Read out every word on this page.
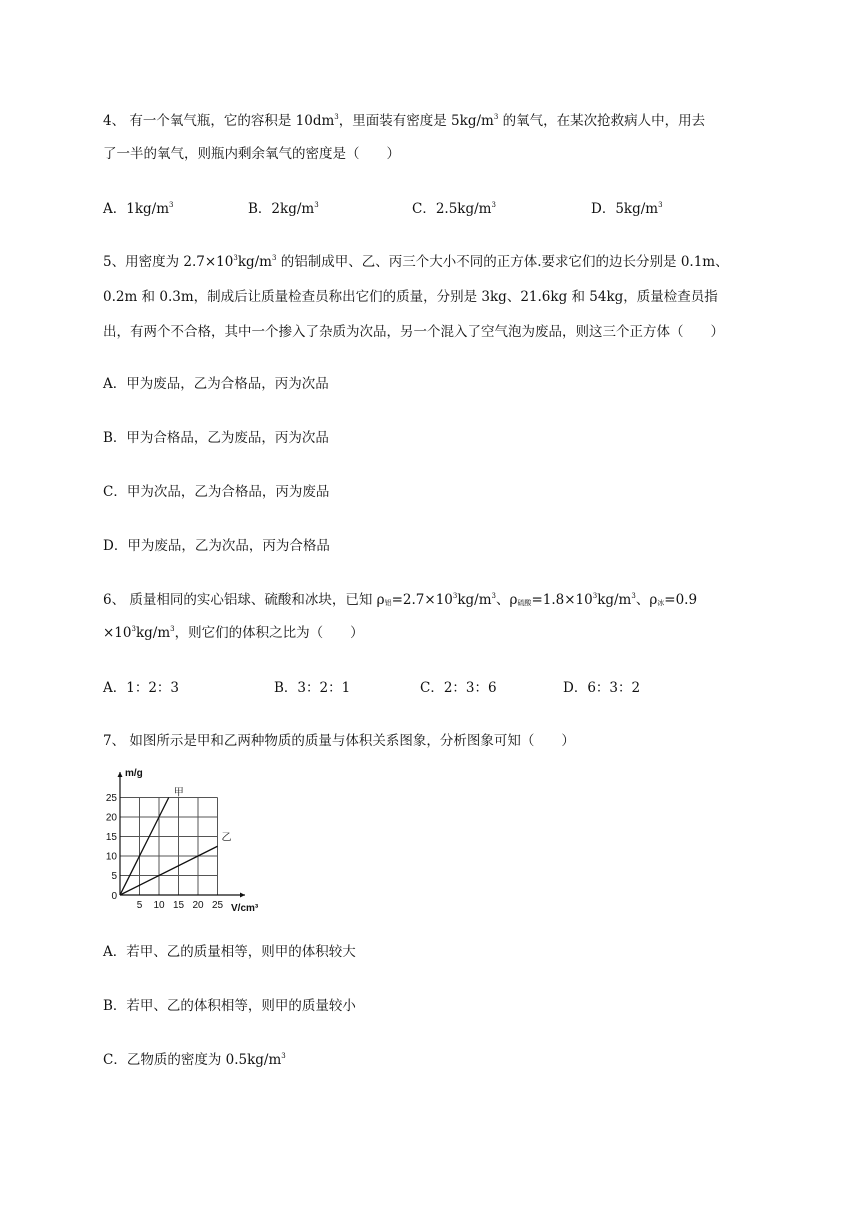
4、 有一个氧气瓶，它的容积是 $10dm^3$，里面装有密度是 $5kg/m^3$ 的氧气，在某次抢救病人中，用去
了一半的氧气，则瓶内剩余氧气的密度是（　　）
A．$1kg/m^3$	B．$2kg/m^3$	C．$2.5kg/m^3$	D．$5kg/m^3$
5、用密度为 $2.7\times 10^3kg/m^3$ 的铝制成甲、乙、丙三个大小不同的正方体.要求它们的边长分别是 0.1m、
0.2m 和 0.3m，制成后让质量检查员称出它们的质量，分别是 3kg、21.6kg 和 54kg，质量检查员指
出，有两个不合格，其中一个掺入了杂质为次品，另一个混入了空气泡为废品，则这三个正方体（　　）
A．甲为废品，乙为合格品，丙为次品
B．甲为合格品，乙为废品，丙为次品
C．甲为次品，乙为合格品，丙为废品
D．甲为废品，乙为次品，丙为合格品
6、 质量相同的实心铝球、硫酸和冰块，已知 $\rho_铝=2.7\times 10^3kg/m^3$、$\rho_{硫酸}=1.8\times 10^3kg/m^3$、$\rho_冰=0.9$
$\times 10^3kg/m^3$，则它们的体积之比为（　　）
A．1：2：3	B．3：2：1	C．2：3：6	D．6：3：2
7、 如图所示是甲和乙两种物质的质量与体积关系图象，分析图象可知（　　）
5 10 15 20 25
5
10
15
20
25
0
m/g
V/cm³
甲
乙
A．若甲、乙的质量相等，则甲的体积较大
B．若甲、乙的体积相等，则甲的质量较小
C．乙物质的密度为 $0.5kg/m^3$
